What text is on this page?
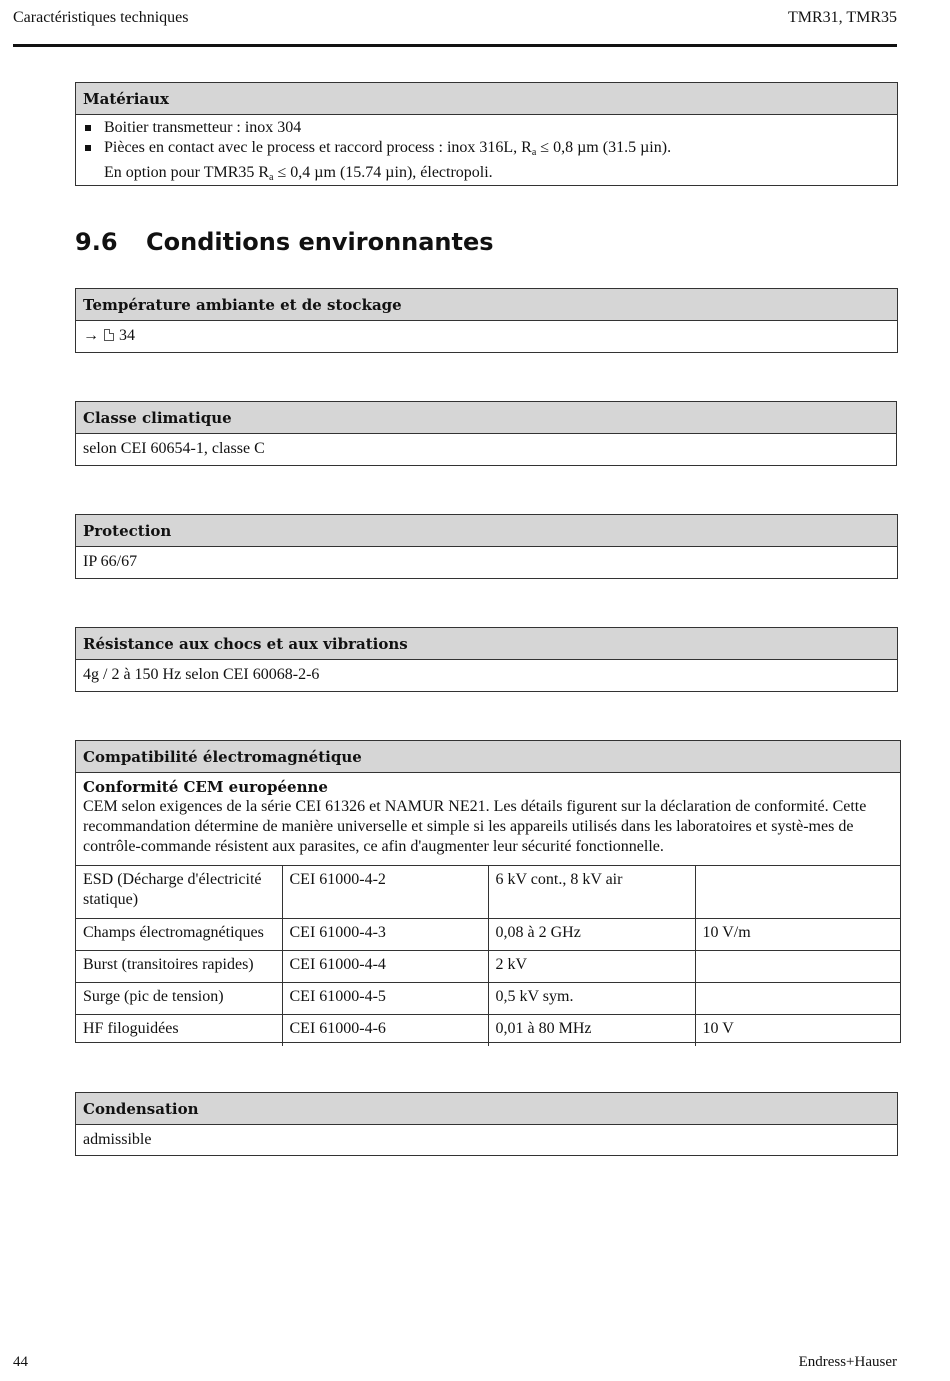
Caractéristiques techniques	TMR31, TMR35
Matériaux
Boitier transmetteur : inox 304
Pièces en contact avec le process et raccord process : inox 316L, $R_a \le 0,8$ µm (31.5 µin).
En option pour TMR35 $R_a \le 0,4$ µm (15.74 µin), électropoli.
9.6 Conditions environnantes
Température ambiante et de stockage
→ 34
Classe climatique
selon CEI 60654-1, classe C
Protection
IP 66/67
Résistance aux chocs et aux vibrations
4g / 2 à 150 Hz selon CEI 60068-2-6
Compatibilité électromagnétique
Conformité CEM européenne
CEM selon exigences de la série CEI 61326 et NAMUR NE21. Les détails figurent sur la déclaration de conformité. Cette recommandation détermine de manière universelle et simple si les appareils utilisés dans les laboratoires et systè-mes de contrôle-commande résistent aux parasites, ce afin d'augmenter leur sécurité fonctionnelle.
ESD (Décharge d'électricité statique)	CEI 61000-4-2	6 kV cont., 8 kV air	
Champs électromagnétiques	CEI 61000-4-3	0,08 à 2 GHz	10 V/m
Burst (transitoires rapides)	CEI 61000-4-4	2 kV	
Surge (pic de tension)	CEI 61000-4-5	0,5 kV sym.	
HF filoguidées	CEI 61000-4-6	0,01 à 80 MHz	10 V
Condensation
admissible
44	Endress+Hauser
